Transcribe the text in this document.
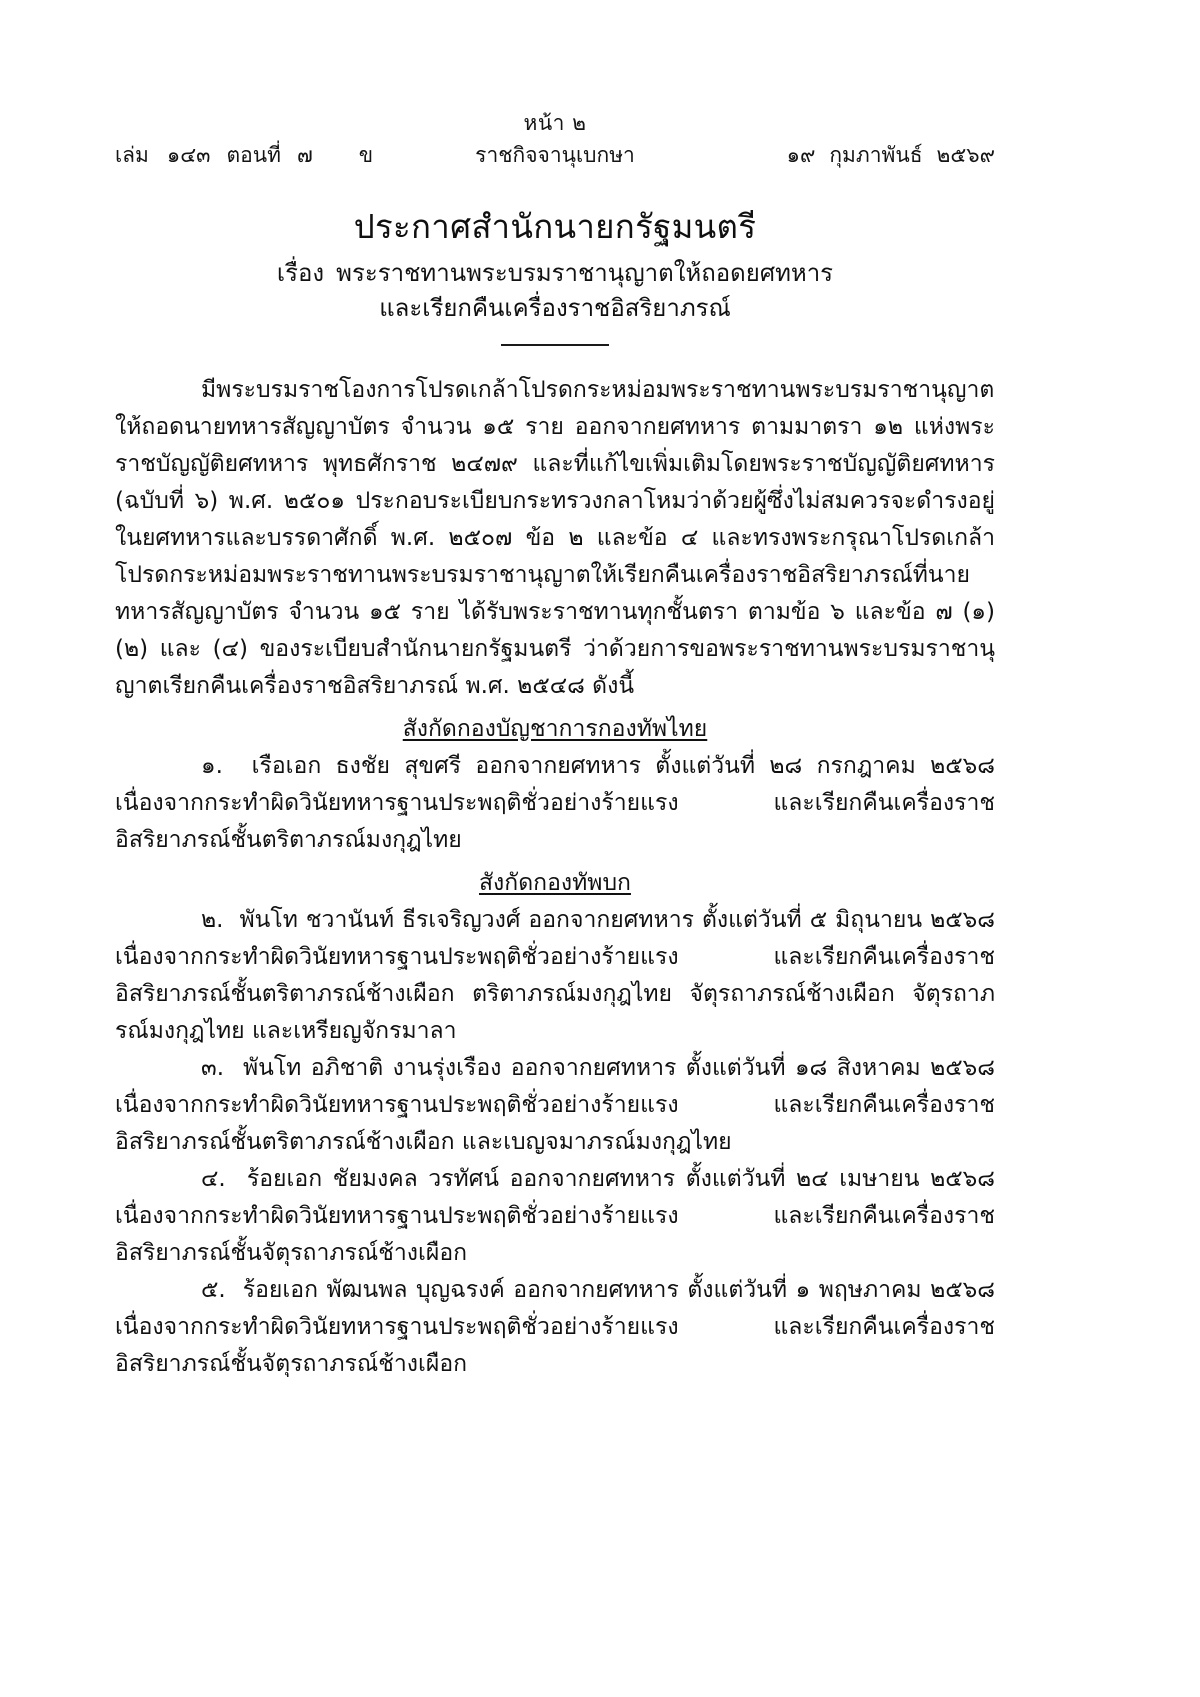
หน้า ๒
เล่ม ๑๔๓ ตอนที่ ๗	ข	ราชกิจจานุเบกษา	๑๙ กุมภาพันธ์ ๒๕๖๙
ประกาศสำนักนายกรัฐมนตรี
เรื่อง พระราชทานพระบรมราชานุญาตให้ถอดยศทหาร
และเรียกคืนเครื่องราชอิสริยาภรณ์

มีพระบรมราชโองการโปรดเกล้าโปรดกระหม่อมพระราชทานพระบรมราชานุญาตให้ถอดนายทหารสัญญาบัตร จำนวน ๑๕ ราย ออกจากยศทหาร ตามมาตรา ๑๒ แห่งพระราชบัญญัติยศทหาร พุทธศักราช ๒๔๗๙ และที่แก้ไขเพิ่มเติมโดยพระราชบัญญัติยศทหาร (ฉบับที่ ๖) พ.ศ. ๒๕๐๑ ประกอบระเบียบกระทรวงกลาโหมว่าด้วยผู้ซึ่งไม่สมควรจะดำรงอยู่ในยศทหารและบรรดาศักดิ์ พ.ศ. ๒๕๐๗ ข้อ ๒ และข้อ ๔ และทรงพระกรุณาโปรดเกล้าโปรดกระหม่อมพระราชทานพระบรมราชานุญาตให้เรียกคืนเครื่องราชอิสริยาภรณ์ที่นายทหารสัญญาบัตร จำนวน ๑๕ ราย ได้รับพระราชทานทุกชั้นตรา ตามข้อ ๖ และข้อ ๗ (๑) (๒) และ (๔) ของระเบียบสำนักนายกรัฐมนตรี ว่าด้วยการขอพระราชทานพระบรมราชานุญาตเรียกคืนเครื่องราชอิสริยาภรณ์ พ.ศ. ๒๕๔๘ ดังนี้

สังกัดกองบัญชาการกองทัพไทย

๑. เรือเอก ธงชัย สุขศรี ออกจากยศทหาร ตั้งแต่วันที่ ๒๘ กรกฎาคม ๒๕๖๘ เนื่องจากกระทำผิดวินัยทหารฐานประพฤติชั่วอย่างร้ายแรง และเรียกคืนเครื่องราชอิสริยาภรณ์ชั้นตริตาภรณ์มงกุฎไทย

สังกัดกองทัพบก

๒. พันโท ชวานันท์ ธีรเจริญวงศ์ ออกจากยศทหาร ตั้งแต่วันที่ ๕ มิถุนายน ๒๕๖๘ เนื่องจากกระทำผิดวินัยทหารฐานประพฤติชั่วอย่างร้ายแรง และเรียกคืนเครื่องราชอิสริยาภรณ์ชั้นตริตาภรณ์ช้างเผือก ตริตาภรณ์มงกุฎไทย จัตุรถาภรณ์ช้างเผือก จัตุรถาภรณ์มงกุฎไทย และเหรียญจักรมาลา

๓. พันโท อภิชาติ งานรุ่งเรือง ออกจากยศทหาร ตั้งแต่วันที่ ๑๘ สิงหาคม ๒๕๖๘ เนื่องจากกระทำผิดวินัยทหารฐานประพฤติชั่วอย่างร้ายแรง และเรียกคืนเครื่องราชอิสริยาภรณ์ชั้นตริตาภรณ์ช้างเผือก และเบญจมาภรณ์มงกุฎไทย

๔. ร้อยเอก ชัยมงคล วรทัศน์ ออกจากยศทหาร ตั้งแต่วันที่ ๒๔ เมษายน ๒๕๖๘ เนื่องจากกระทำผิดวินัยทหารฐานประพฤติชั่วอย่างร้ายแรง และเรียกคืนเครื่องราชอิสริยาภรณ์ชั้นจัตุรถาภรณ์ช้างเผือก

๕. ร้อยเอก พัฒนพล บุญฉรงค์ ออกจากยศทหาร ตั้งแต่วันที่ ๑ พฤษภาคม ๒๕๖๘ เนื่องจากกระทำผิดวินัยทหารฐานประพฤติชั่วอย่างร้ายแรง และเรียกคืนเครื่องราชอิสริยาภรณ์ชั้นจัตุรถาภรณ์ช้างเผือก
